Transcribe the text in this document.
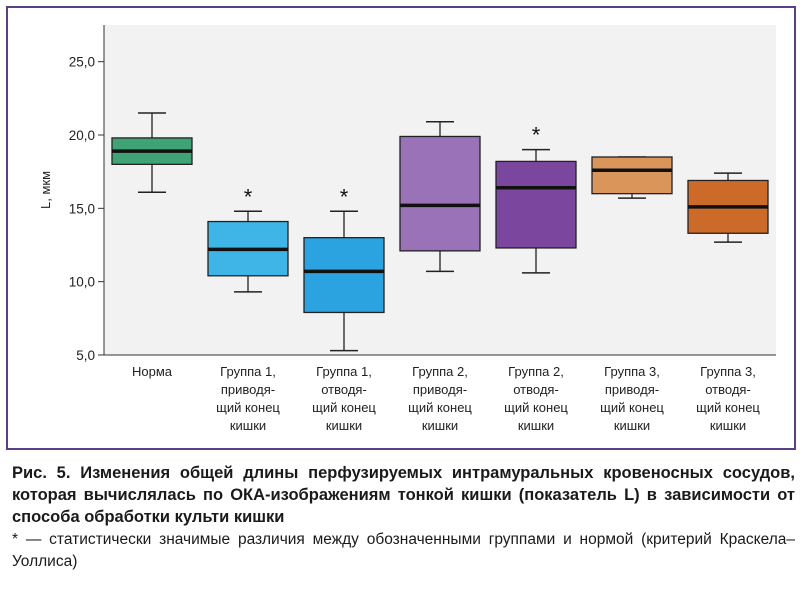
L, мкм
5,0
10,0
15,0
20,0
25,0
*	*
*
Норма	Группа 1, приводя-щий конец кишки
Группа 1, отводя-щий конец кишки
Группа 2, приводя-щий конец кишки
Группа 2, отводя-щий конец кишки
Группа 3, приводя-щий конец кишки
Группа 3, отводя-щий конец кишки
Рис. 5. Изменения общей длины перфузируемых интрамуральных кровеносных сосудов, которая вычислялась по ОКА-изображениям тонкой кишки (показатель L) в зависимости от способа обработки культи кишки
* — статистически значимые различия между обозначенными группами и нормой (критерий Краскела–Уоллиса)
